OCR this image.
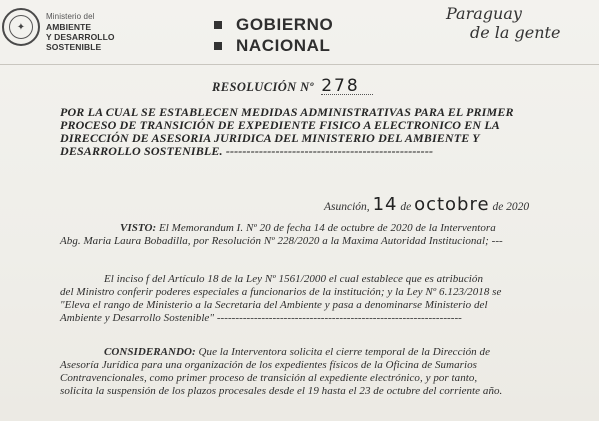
✦
Ministerio del
AMBIENTE
Y DESARROLLO
SOSTENIBLE
GOBIERNO
NACIONAL
Paraguay
de la gente
RESOLUCIÓN Nº 278
POR LA CUAL SE ESTABLECEN MEDIDAS ADMINISTRATIVAS PARA EL PRIMER
PROCESO DE TRANSICIÓN DE EXPEDIENTE FISICO A ELECTRONICO EN LA
DIRECCIÓN DE ASESORIA JURIDICA DEL MINISTERIO DEL AMBIENTE Y
DESARROLLO SOSTENIBLE. --------------------------------------------------
Asunción, 14 de octobre de 2020
VISTO: El Memorandum I. Nº 20 de fecha 14 de octubre de 2020 de la Interventora
Abg. Maria Laura Bobadilla, por Resolución Nº 228/2020 a la Maxima Autoridad Institucional; ---
El inciso f del Artículo 18 de la Ley Nº 1561/2000 el cual establece que es atribución
del Ministro conferir poderes especiales a funcionarios de la institución; y la Ley Nº 6.123/2018 se
"Eleva el rango de Ministerio a la Secretaria del Ambiente y pasa a denominarse Ministerio del
Ambiente y Desarrollo Sostenible" ------------------------------------------------------------------
CONSIDERANDO: Que la Interventora solicita el cierre temporal de la Dirección de
Asesoría Jurídica para una organización de los expedientes físicos de la Oficina de Sumarios
Contravencionales, como primer proceso de transición al expediente electrónico, y por tanto,
solicita la suspensión de los plazos procesales desde el 19 hasta el 23 de octubre del corriente año.
